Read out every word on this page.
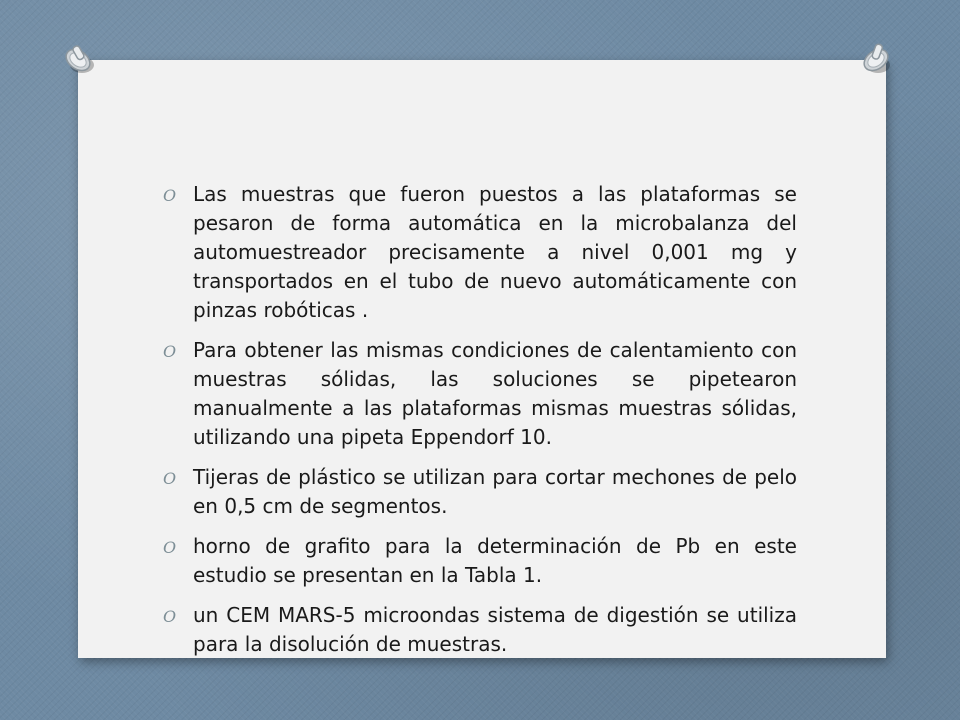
O Las muestras que fueron puestos a las plataformas se pesaron de forma automática en la microbalanza del automuestreador precisamente a nivel 0,001 mg y transportados en el tubo de nuevo automáticamente con pinzas robóticas .
O Para obtener las mismas condiciones de calentamiento con muestras sólidas, las soluciones se pipetearon manualmente a las plataformas mismas muestras sólidas, utilizando una pipeta Eppendorf 10.
O Tijeras de plástico se utilizan para cortar mechones de pelo en 0,5 cm de segmentos.
O horno de grafito para la determinación de Pb en este estudio se presentan en la Tabla 1.
O un CEM MARS-5 microondas sistema de digestión se utiliza para la disolución de muestras.
